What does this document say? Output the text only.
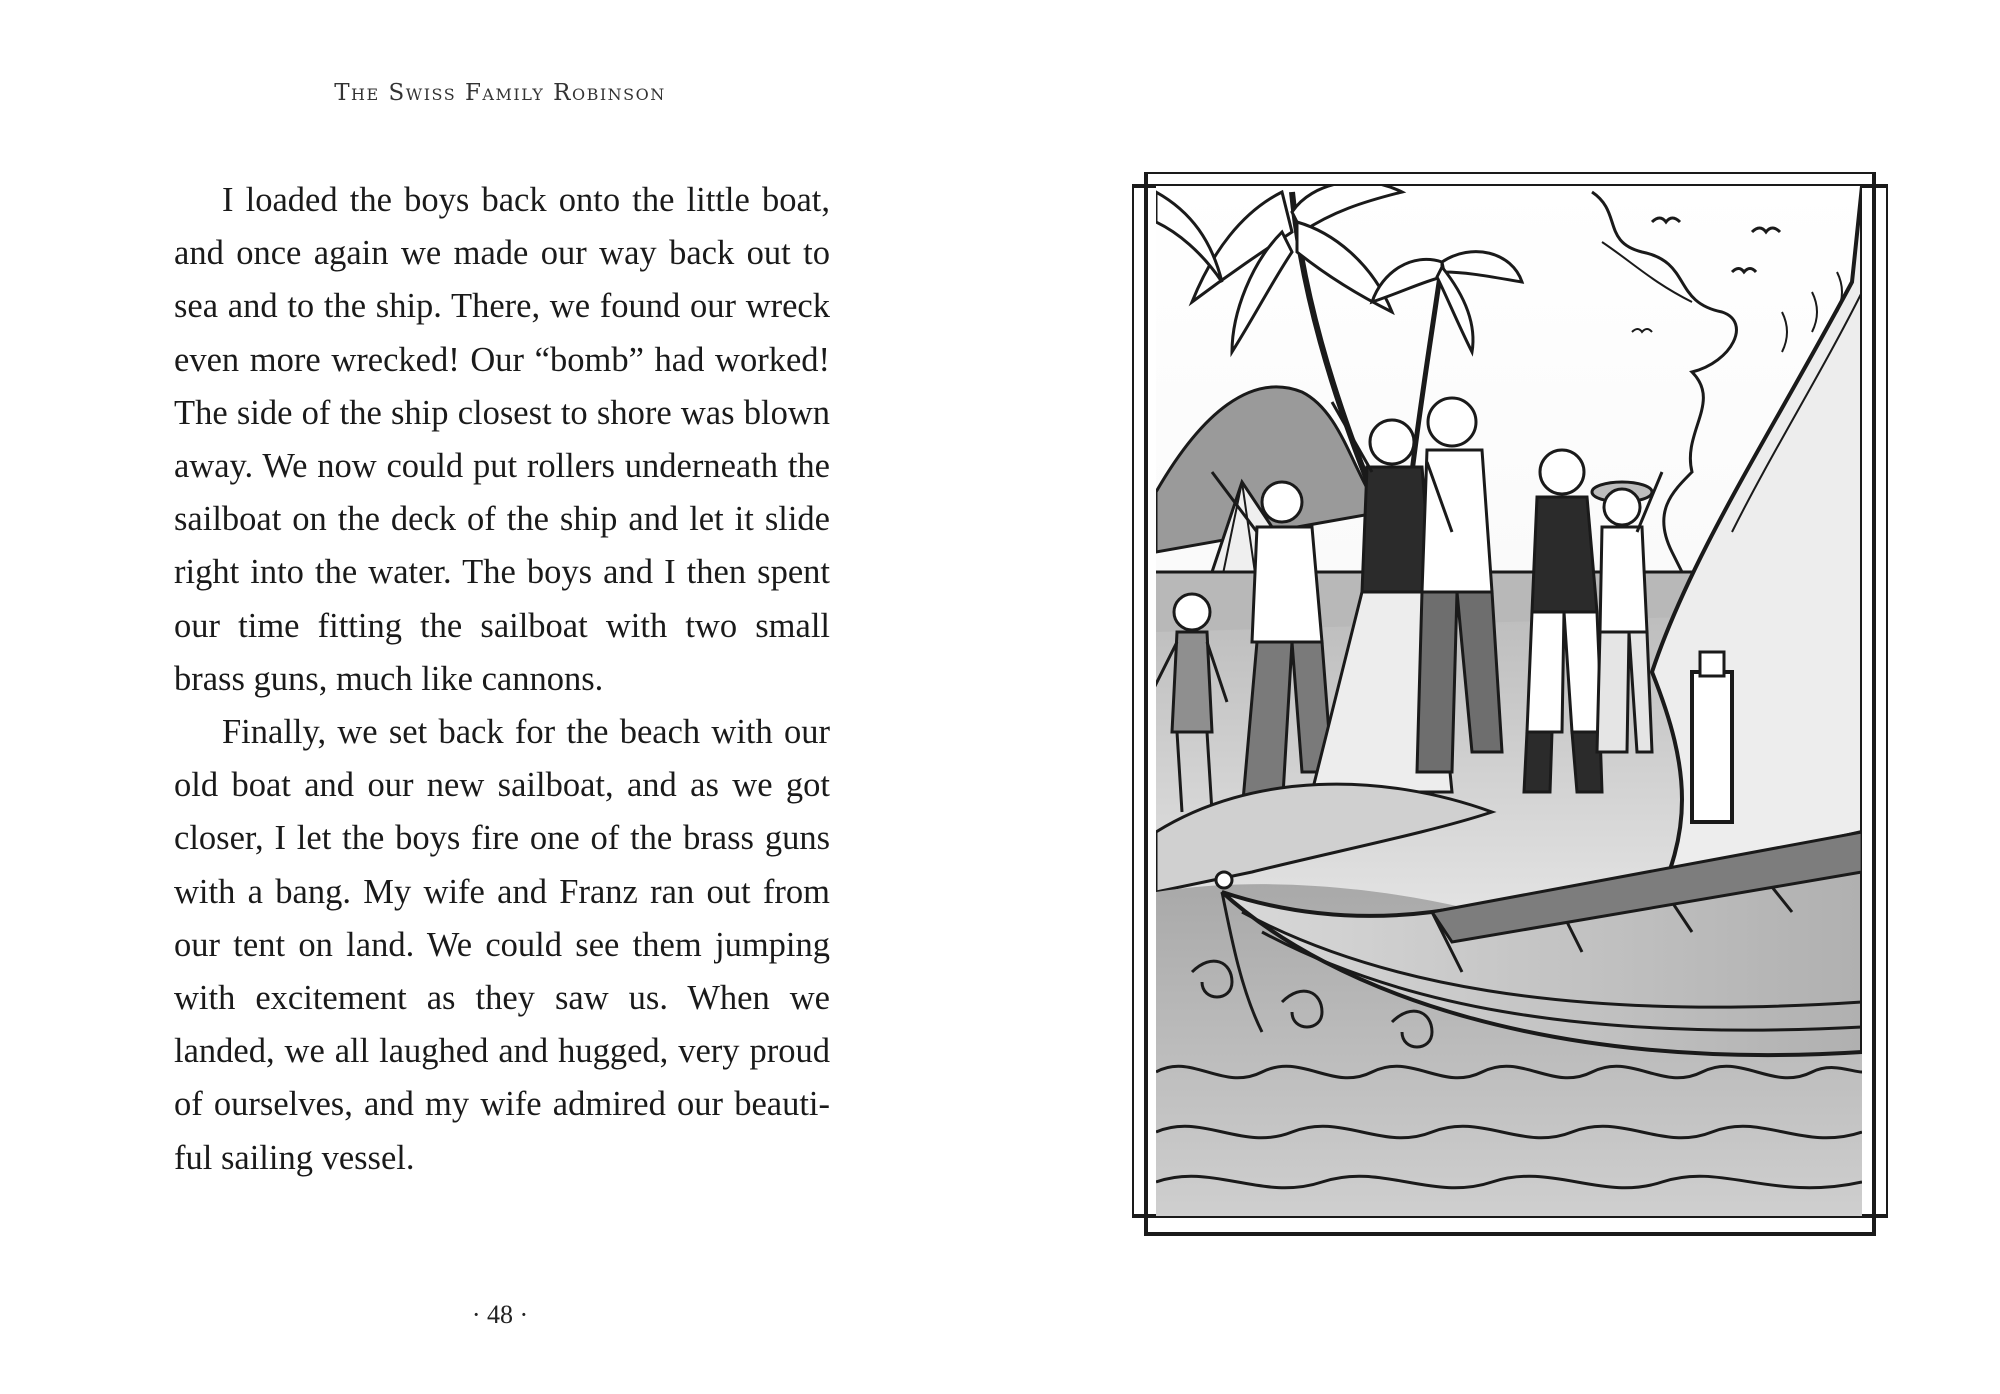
The Swiss Family Robinson

I loaded the boys back onto the little boat, and once again we made our way back out to sea and to the ship. There, we found our wreck even more wrecked! Our “bomb” had worked! The side of the ship closest to shore was blown away. We now could put rollers underneath the sailboat on the deck of the ship and let it slide right into the water. The boys and I then spent our time fitting the sailboat with two small brass guns, much like cannons.

Finally, we set back for the beach with our old boat and our new sailboat, and as we got closer, I let the boys fire one of the brass guns with a bang. My wife and Franz ran out from our tent on land. We could see them jumping with excitement as they saw us. When we landed, we all laughed and hugged, very proud of ourselves, and my wife admired our beautiful sailing vessel.

· 48 ·
